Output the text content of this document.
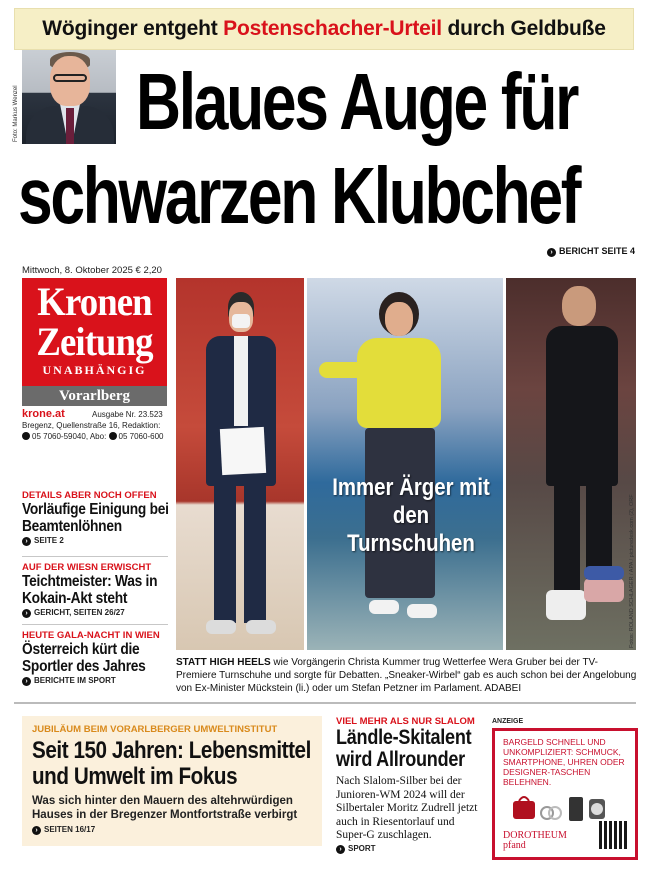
Wöginger entgeht Postenschacher-Urteil durch Geldbuße
Foto: Markus Wenzel Blaues Auge für
schwarzen Klubchef
› BERICHT SEITE 4
Mittwoch, 8. Oktober 2025 € 2,20
Kronen
Zeitung
UNABHÄNGIG
Vorarlberg
krone.at	Ausgabe Nr. 23.523
Bregenz, Quellenstraße 16, Redaktion:
05 7060-59040, Abo: 05 7060-600
DETAILS ABER NOCH OFFEN
Vorläufige Einigung bei Beamtenlöhnen
› SEITE 2
AUF DER WIESN ERWISCHT
Teichtmeister: Was in Kokain-Akt steht
› GERICHT, SEITEN 26/27
HEUTE GALA-NACHT IN WIEN
Österreich kürt die Sportler des Jahres
› BERICHTE IM SPORT
Immer Ärger mit den Turnschuhen	Fotos: ROLAND SCHLAGER / APA / picturedesk.com (2), ORF
STATT HIGH HEELS wie Vorgängerin Christa Kummer trug Wetterfee Wera Gruber bei der TV-Premiere Turnschuhe und sorgte für Debatten. „Sneaker-Wirbel“ gab es auch schon bei der Angelobung von Ex-Minister Mückstein (li.) oder um Stefan Petzner im Parlament. ADABEI
JUBILÄUM BEIM VORARLBERGER UMWELTINSTITUT
Seit 150 Jahren: Lebensmittel und Umwelt im Fokus
Was sich hinter den Mauern des altehrwürdigen Hauses in der Bregenzer Montfortstraße verbirgt
› SEITEN 16/17
VIEL MEHR ALS NUR SLALOM
Ländle-Skitalent wird Allrounder
Nach Slalom-Silber bei der Junioren-WM 2024 will der Silbertaler Moritz Zudrell jetzt auch in Riesentorlauf und Super-G zuschlagen.
› SPORT
ANZEIGE
BARGELD SCHNELL UND UNKOMPLIZIERT: SCHMUCK, SMARTPHONE, UHREN ODER DESIGNER-TASCHEN BELEHNEN.
DOROTHEUM
pfand
